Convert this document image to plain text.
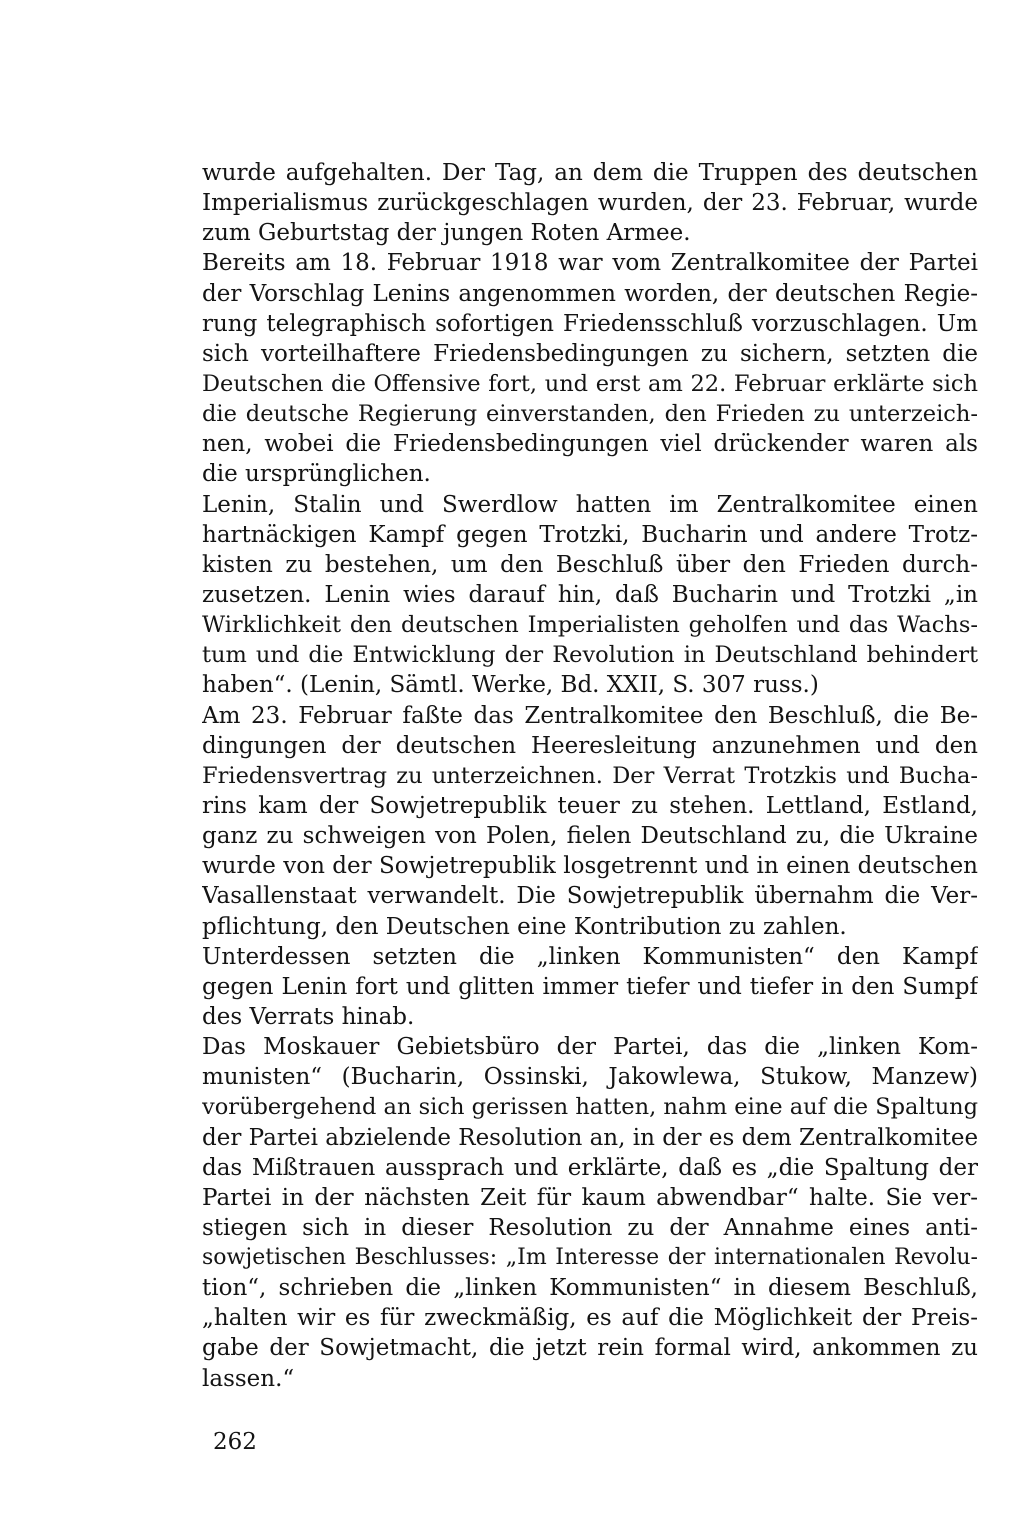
wurde aufgehalten. Der Tag, an dem die Truppen des deutschen
Imperialismus zurückgeschlagen wurden, der 23. Februar, wurde
zum Geburtstag der jungen Roten Armee.
Bereits am 18. Februar 1918 war vom Zentralkomitee der Partei
der Vorschlag Lenins angenommen worden, der deutschen Regie-
rung telegraphisch sofortigen Friedensschluß vorzuschlagen. Um
sich vorteilhaftere Friedensbedingungen zu sichern, setzten die
Deutschen die Offensive fort, und erst am 22. Februar erklärte sich
die deutsche Regierung einverstanden, den Frieden zu unterzeich-
nen, wobei die Friedensbedingungen viel drückender waren als
die ursprünglichen.
Lenin, Stalin und Swerdlow hatten im Zentralkomitee einen
hartnäckigen Kampf gegen Trotzki, Bucharin und andere Trotz-
kisten zu bestehen, um den Beschluß über den Frieden durch-
zusetzen. Lenin wies darauf hin, daß Bucharin und Trotzki „in
Wirklichkeit den deutschen Imperialisten geholfen und das Wachs-
tum und die Entwicklung der Revolution in Deutschland behindert
haben“. (Lenin, Sämtl. Werke, Bd. XXII, S. 307 russ.)
Am 23. Februar faßte das Zentralkomitee den Beschluß, die Be-
dingungen der deutschen Heeresleitung anzunehmen und den
Friedensvertrag zu unterzeichnen. Der Verrat Trotzkis und Bucha-
rins kam der Sowjetrepublik teuer zu stehen. Lettland, Estland,
ganz zu schweigen von Polen, fielen Deutschland zu, die Ukraine
wurde von der Sowjetrepublik losgetrennt und in einen deutschen
Vasallenstaat verwandelt. Die Sowjetrepublik übernahm die Ver-
pflichtung, den Deutschen eine Kontribution zu zahlen.
Unterdessen setzten die „linken Kommunisten“ den Kampf
gegen Lenin fort und glitten immer tiefer und tiefer in den Sumpf
des Verrats hinab.
Das Moskauer Gebietsbüro der Partei, das die „linken Kom-
munisten“ (Bucharin, Ossinski, Jakowlewa, Stukow, Manzew)
vorübergehend an sich gerissen hatten, nahm eine auf die Spaltung
der Partei abzielende Resolution an, in der es dem Zentralkomitee
das Mißtrauen aussprach und erklärte, daß es „die Spaltung der
Partei in der nächsten Zeit für kaum abwendbar“ halte. Sie ver-
stiegen sich in dieser Resolution zu der Annahme eines anti-
sowjetischen Beschlusses: „Im Interesse der internationalen Revolu-
tion“, schrieben die „linken Kommunisten“ in diesem Beschluß,
„halten wir es für zweckmäßig, es auf die Möglichkeit der Preis-
gabe der Sowjetmacht, die jetzt rein formal wird, ankommen zu
lassen.“
262
